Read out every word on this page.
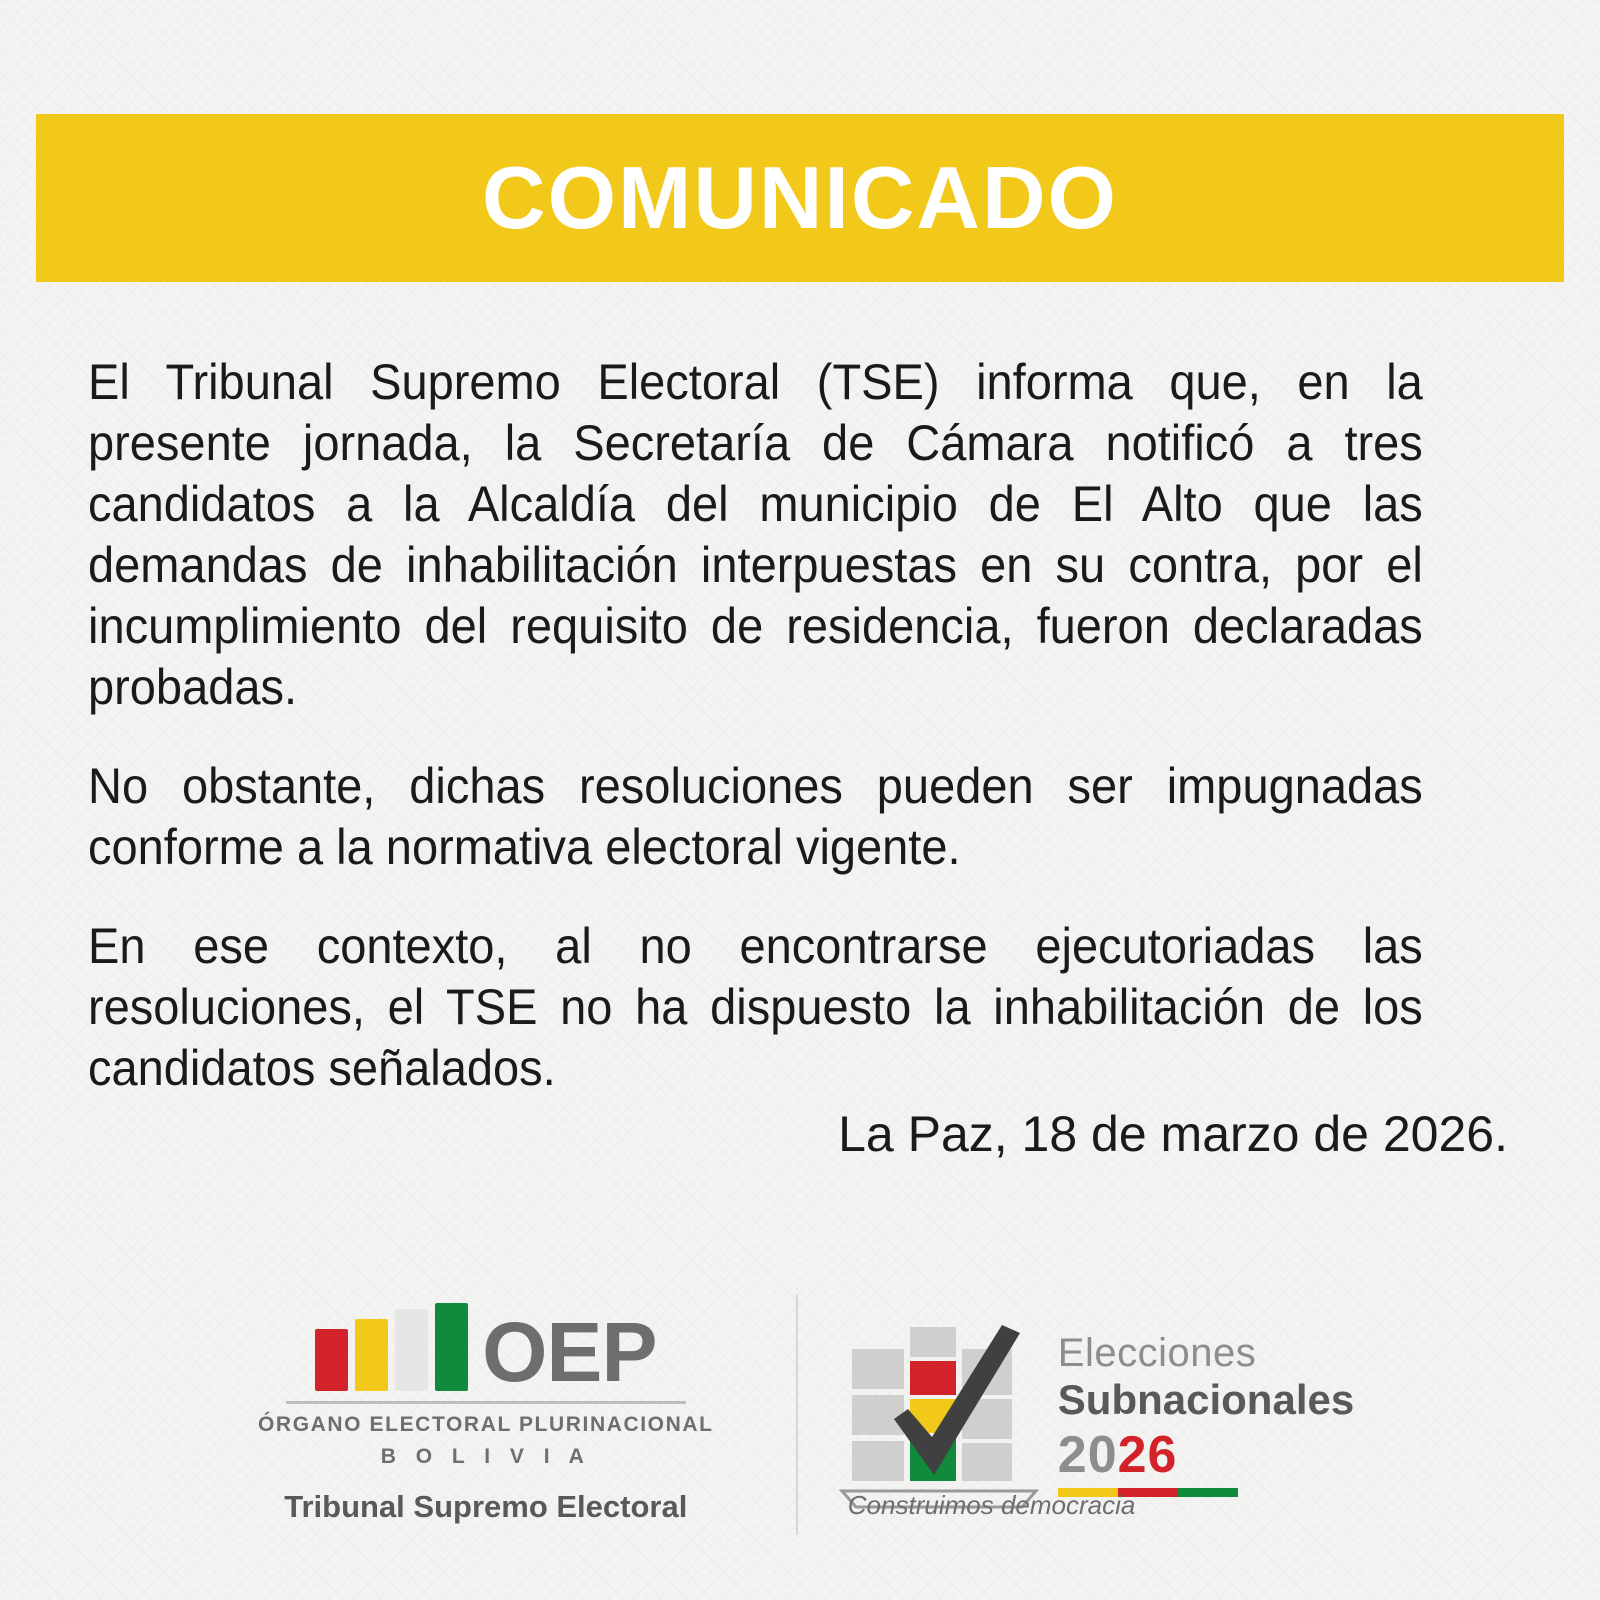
COMUNICADO

El Tribunal Supremo Electoral (TSE) informa que, en la presente jornada, la Secretaría de Cámara notificó a tres candidatos a la Alcaldía del municipio de El Alto que las demandas de inhabilitación interpuestas en su contra, por el incumplimiento del requisito de residencia, fueron declaradas probadas.

No obstante, dichas resoluciones pueden ser impugnadas conforme a la normativa electoral vigente.

En ese contexto, al no encontrarse ejecutoriadas las resoluciones, el TSE no ha dispuesto la inhabilitación de los candidatos señalados.

La Paz, 18 de marzo de 2026.
OEP
ÓRGANO ELECTORAL PLURINACIONAL
B O L I V I A
Tribunal Supremo Electoral	Construimos democracia
Elecciones
Subnacionales
2026
